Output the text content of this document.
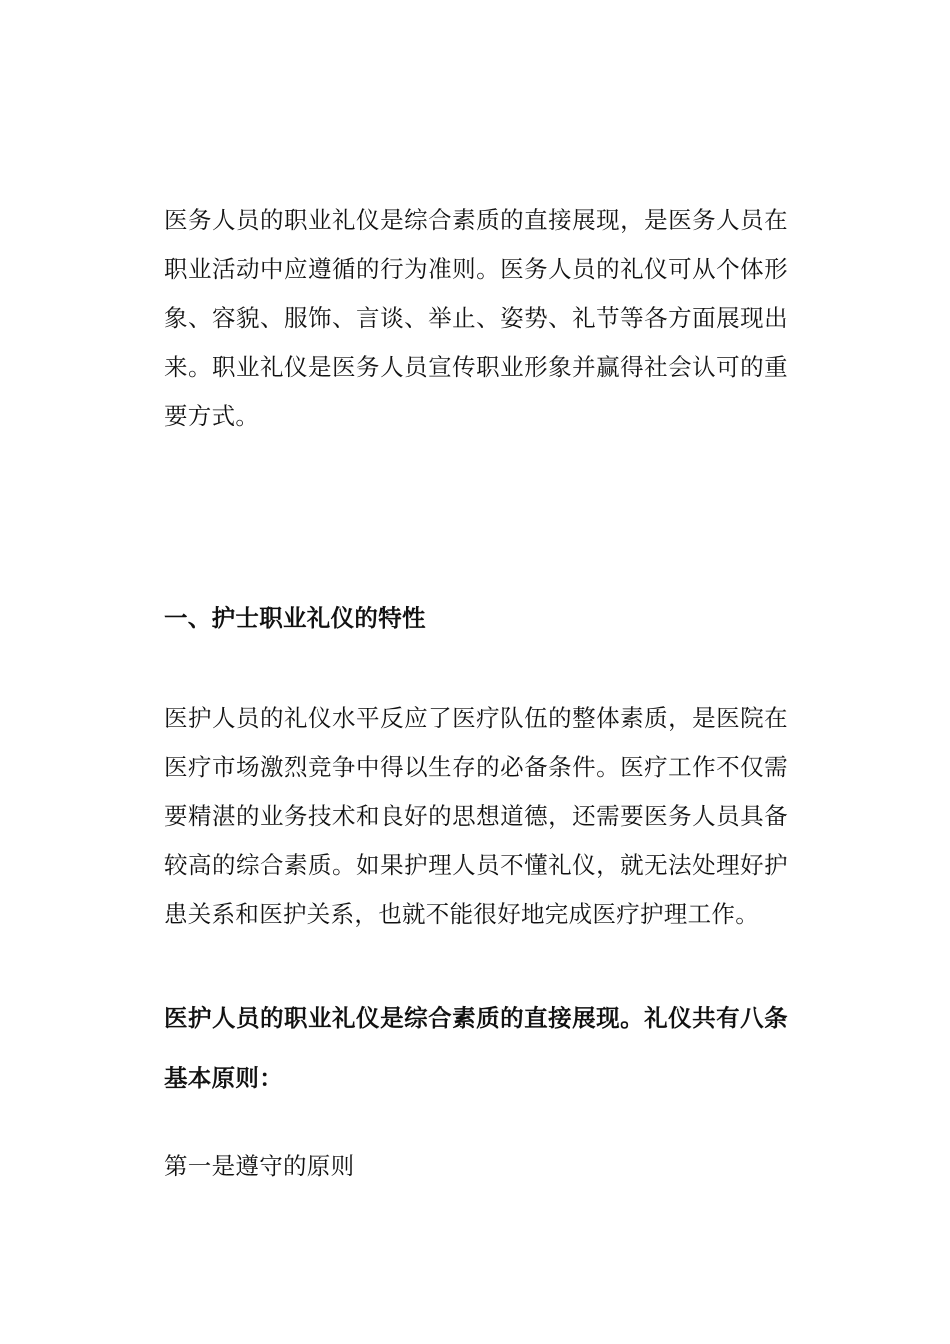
医务人员的职业礼仪是综合素质的直接展现，是医务人员在职业活动中应遵循的行为准则。医务人员的礼仪可从个体形象、容貌、服饰、言谈、举止、姿势、礼节等各方面展现出来。职业礼仪是医务人员宣传职业形象并赢得社会认可的重要方式。

一、护士职业礼仪的特性

医护人员的礼仪水平反应了医疗队伍的整体素质，是医院在医疗市场激烈竞争中得以生存的必备条件。医疗工作不仅需要精湛的业务技术和良好的思想道德，还需要医务人员具备较高的综合素质。如果护理人员不懂礼仪，就无法处理好护患关系和医护关系，也就不能很好地完成医疗护理工作。

医护人员的职业礼仪是综合素质的直接展现。礼仪共有八条基本原则：

第一是遵守的原则
